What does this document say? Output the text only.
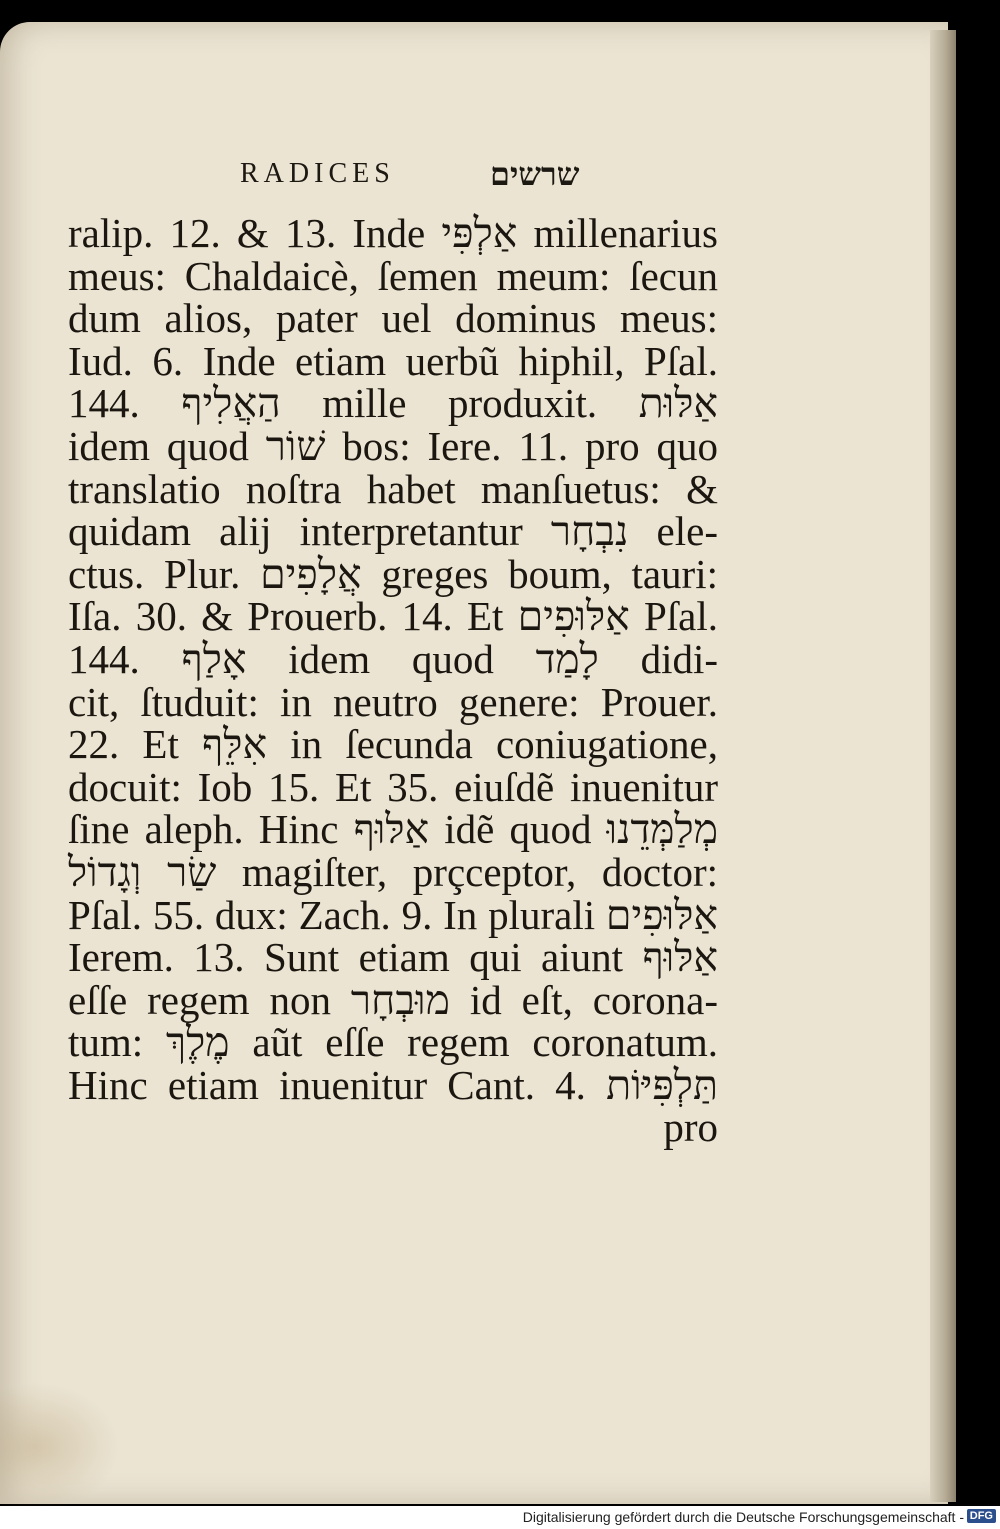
RADICES	שרשים
ralip. 12. & 13. Inde אַלְפִּי millenarius
meus: Chaldaicè, ſemen meum: ſecun
dum alios, pater uel dominus meus:
Iud. 6. Inde etiam uerbũ hiphil, Pſal.
144. הַאֲלִיף mille produxit. אַלּוּת
idem quod שׁוֹר bos: Iere. 11. pro quo
translatio noſtra habet manſuetus: &
quidam alij interpretantur נִבְחָר ele-
ctus. Plur. אֲלָפִים greges boum, tauri:
Iſa. 30. & Prouerb. 14. Et אַלּוּפִים Pſal.
144. אָלַף idem quod לָמַד didi-
cit, ſtuduit: in neutro genere: Prouer.
22. Et אִלֵּף in ſecunda coniugatione,
docuit: Iob 15. Et 35. eiuſdẽ inuenitur
ſine aleph. Hinc אַלּוּף idẽ quod מְלַמְּדֵנוּ
שַׂר וְגָדוֹל magiſter, prçceptor, doctor:
Pſal. 55. dux: Zach. 9. In plurali אַלּוּפִים
Ierem. 13. Sunt etiam qui aiunt אַלּוּף
eſſe regem non מוּבְחָר id eſt, corona-
tum: מֶלֶךְ aũt eſſe regem coronatum.
Hinc etiam inuenitur Cant. 4. תַּלְפִּיּוֹת
pro
Digitalisierung gefördert durch die Deutsche Forschungsgemeinschaft - DFG
